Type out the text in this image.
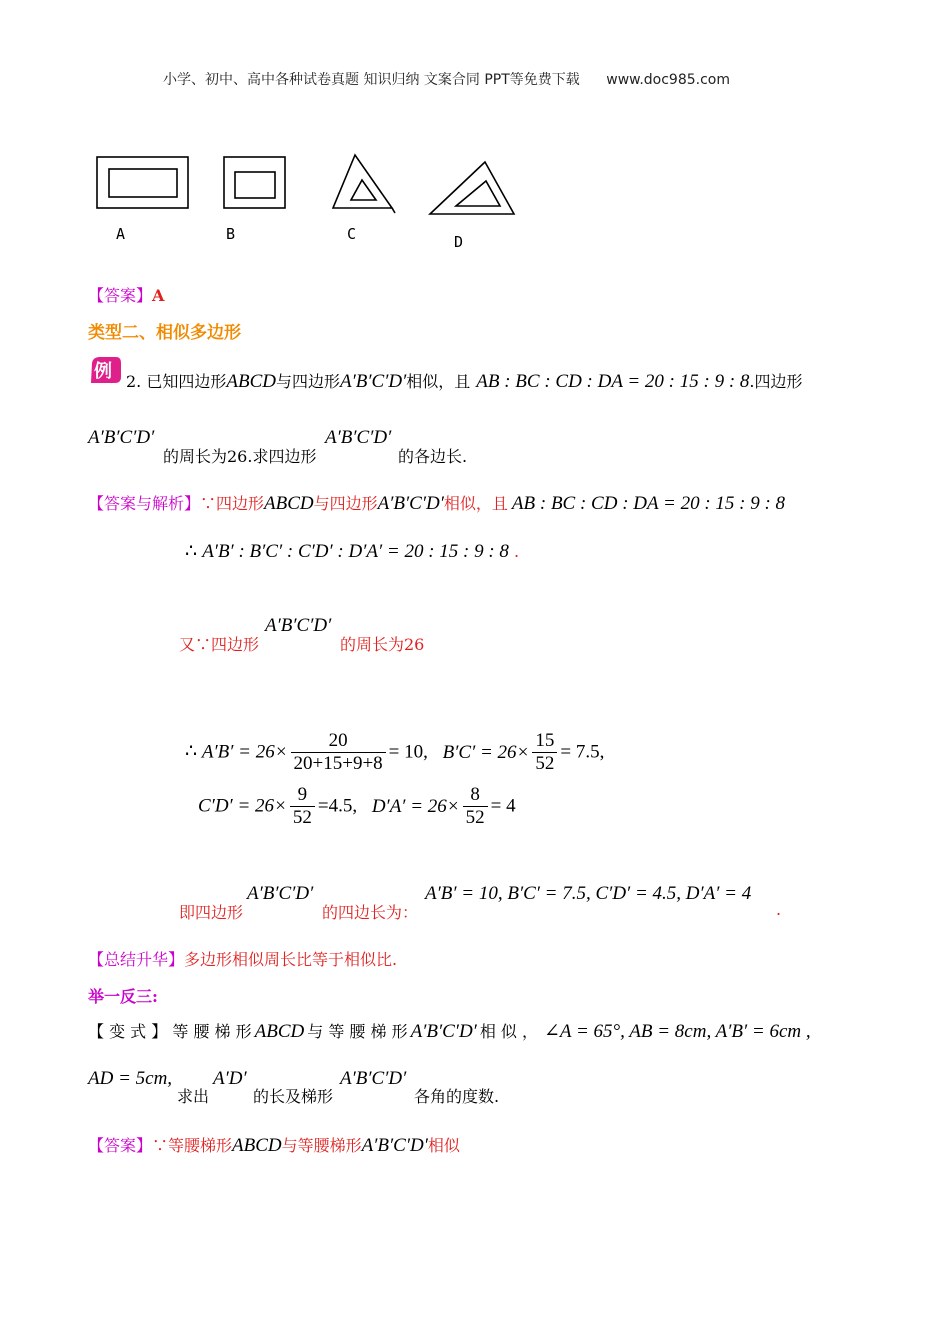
小学、初中、高中各种试卷真题 知识归纳 文案合同 PPT等免费下载 www.doc985.com
A	B	C	D
【答案】A
类型二、相似多边形
例 2. 已知四边形ABCD与四边形A′B′C′D′相似，且 AB : BC : CD : DA = 20 : 15 : 9 : 8.四边形
A′B′C′D′
的周长为26.求四边形
A′B′C′D′
的各边长.
【答案与解析】∵四边形ABCD与四边形A′B′C′D′相似，且 AB : BC : CD : DA = 20 : 15 : 9 : 8
∴ A′B′ : B′C′ : C′D′ : D′A′ = 20 : 15 : 9 : 8 .
又∵四边形
A′B′C′D′
的周长为26
∴ $A'B' = 26\times \frac{20}{20+15+9+8} = 10$, $B'C' = 26\times \frac{15}{52} = 7.5$,
$C'D' = 26\times \frac{9}{52} =4.5$, $D'A' = 26\times \frac{8}{52} = 4$
即四边形
A′B′C′D′
的四边长为：
A′B′ = 10, B′C′ = 7.5, C′D′ = 4.5, D′A′ = 4
.
【总结升华】多边形相似周长比等于相似比.
举一反三:
【 变 式 】 等 腰 梯 形 ABCD 与 等 腰 梯 形 A′B′C′D′ 相 似 ， ∠A = 65°, AB = 8cm, A′B′ = 6cm ,
AD = 5cm,
求出
A′D′
的长及梯形
A′B′C′D′
各角的度数.
【答案】∵等腰梯形ABCD与等腰梯形A′B′C′D′相似
